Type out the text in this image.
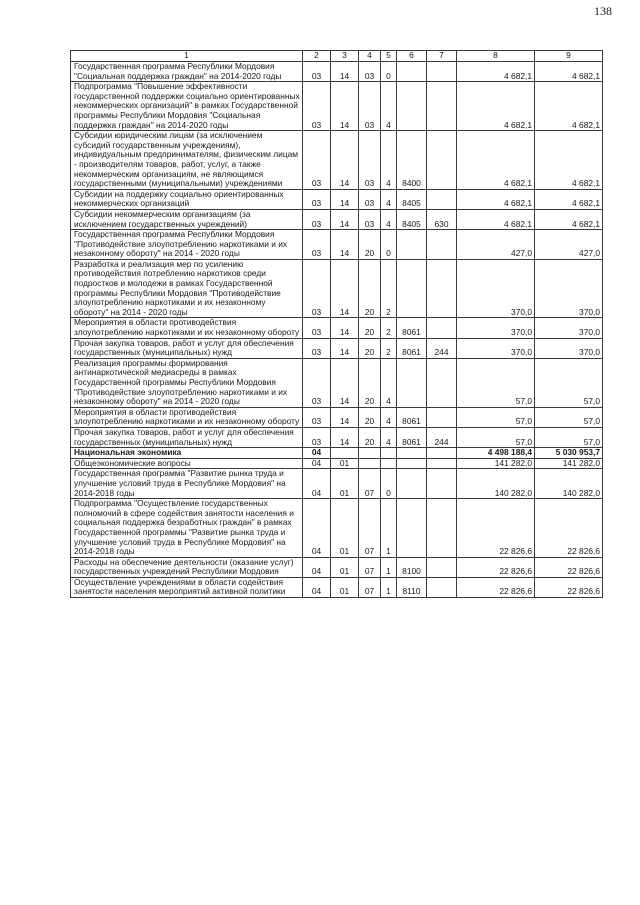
138
1	2	3	4	5	6	7	8	9
Государственная программа Республики Мордовия "Социальная поддержка граждан" на 2014-2020 годы	03	14	03	0			4 682,1	4 682,1
Подпрограмма "Повышение эффективности государственной поддержки социально ориентированных некоммерческих организаций" в рамках Государственной программы Республики Мордовия "Социальная поддержка граждан" на 2014-2020 годы	03	14	03	4			4 682,1	4 682,1
Субсидии юридическим лицам (за исключением субсидий государственным учреждениям), индивидуальным предпринимателям, физическим лицам - производителям товаров, работ, услуг, а также некоммерческим организациям, не являющимся государственными (муниципальными) учреждениями	03	14	03	4	8400		4 682,1	4 682,1
Субсидии на поддержку социально ориентированных некоммерческих организаций	03	14	03	4	8405		4 682,1	4 682,1
Субсидии некоммерческим организациям (за исключением государственных учреждений)	03	14	03	4	8405	630	4 682,1	4 682,1
Государственная программа Республики Мордовия "Противодействие злоупотреблению наркотиками и их незаконному обороту" на 2014 - 2020 годы	03	14	20	0			427,0	427,0
Разработка и реализация мер по усилению противодействия потреблению наркотиков среди подростков и молодежи в рамках Государственной программы Республики Мордовия "Противодействие злоупотреблению наркотиками и их незаконному обороту" на 2014 - 2020 годы	03	14	20	2			370,0	370,0
Мероприятия в области противодействия злоупотреблению наркотиками и их незаконному обороту	03	14	20	2	8061		370,0	370,0
Прочая закупка товаров, работ и услуг для обеспечения государственных (муниципальных) нужд	03	14	20	2	8061	244	370,0	370,0
Реализация программы формирования антинаркотической медиасреды в рамках Государственной программы Республики Мордовия "Противодействие злоупотреблению наркотиками и их незаконному обороту" на 2014 - 2020 годы	03	14	20	4			57,0	57,0
Мероприятия в области противодействия злоупотреблению наркотиками и их незаконному обороту	03	14	20	4	8061		57,0	57,0
Прочая закупка товаров, работ и услуг для обеспечения государственных (муниципальных) нужд	03	14	20	4	8061	244	57,0	57,0
Национальная экономика	04						4 498 188,4	5 030 953,7
Общеэкономические вопросы	04	01					141 282,0	141 282,0
Государственная программа "Развитие рынка труда и улучшение условий труда в Республике Мордовия" на 2014-2018 годы	04	01	07	0			140 282,0	140 282,0
Подпрограмма "Осуществление государственных полномочий в сфере содействия занятости населения и социальная поддержка безработных граждан" в рамках Государственной программы "Развитие рынка труда и улучшение условий труда в Республике Мордовия" на 2014-2018 годы	04	01	07	1			22 826,6	22 826,6
Расходы на обеспечение деятельности (оказание услуг) государственных учреждений Республики Мордовия	04	01	07	1	8100		22 826,6	22 826,6
Осуществление учреждениями в области содействия занятости населения мероприятий активной политики	04	01	07	1	8110		22 826,6	22 826,6
